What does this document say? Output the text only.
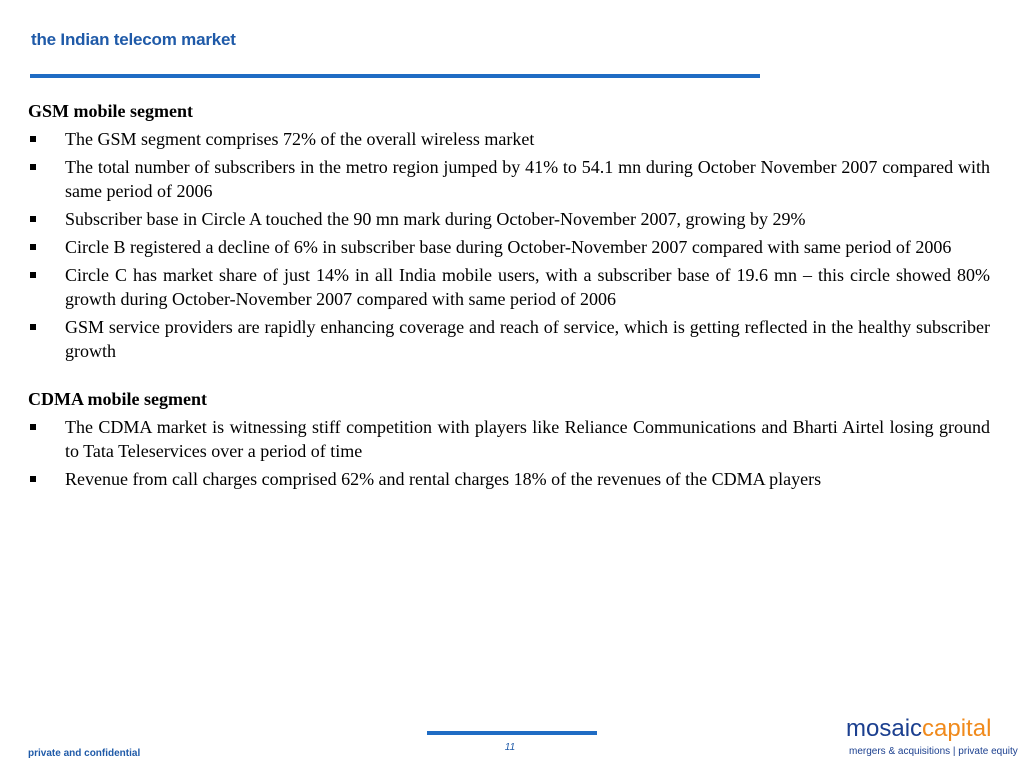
the Indian telecom market
GSM mobile segment
The GSM segment comprises 72% of the overall wireless market
The total number of subscribers in the metro region jumped by 41% to 54.1 mn during October November 2007 compared with same period of 2006
Subscriber base in Circle A touched the 90 mn mark during October-November 2007, growing by 29%
Circle B registered a decline of 6% in subscriber base during October-November 2007 compared with same period of 2006
Circle C has market share of just 14% in all India mobile users, with a subscriber base of 19.6 mn – this circle showed 80% growth during October-November 2007 compared with same period of 2006
GSM service providers are rapidly enhancing coverage and reach of service, which is getting reflected in the healthy subscriber growth
CDMA mobile segment
The CDMA market is witnessing stiff competition with players like Reliance Communications and Bharti Airtel losing ground to Tata Teleservices over a period of time
Revenue from call charges comprised 62% and rental charges 18% of the revenues of the CDMA players
11
private and confidential
mosaiccapital
mergers & acquisitions | private equity
